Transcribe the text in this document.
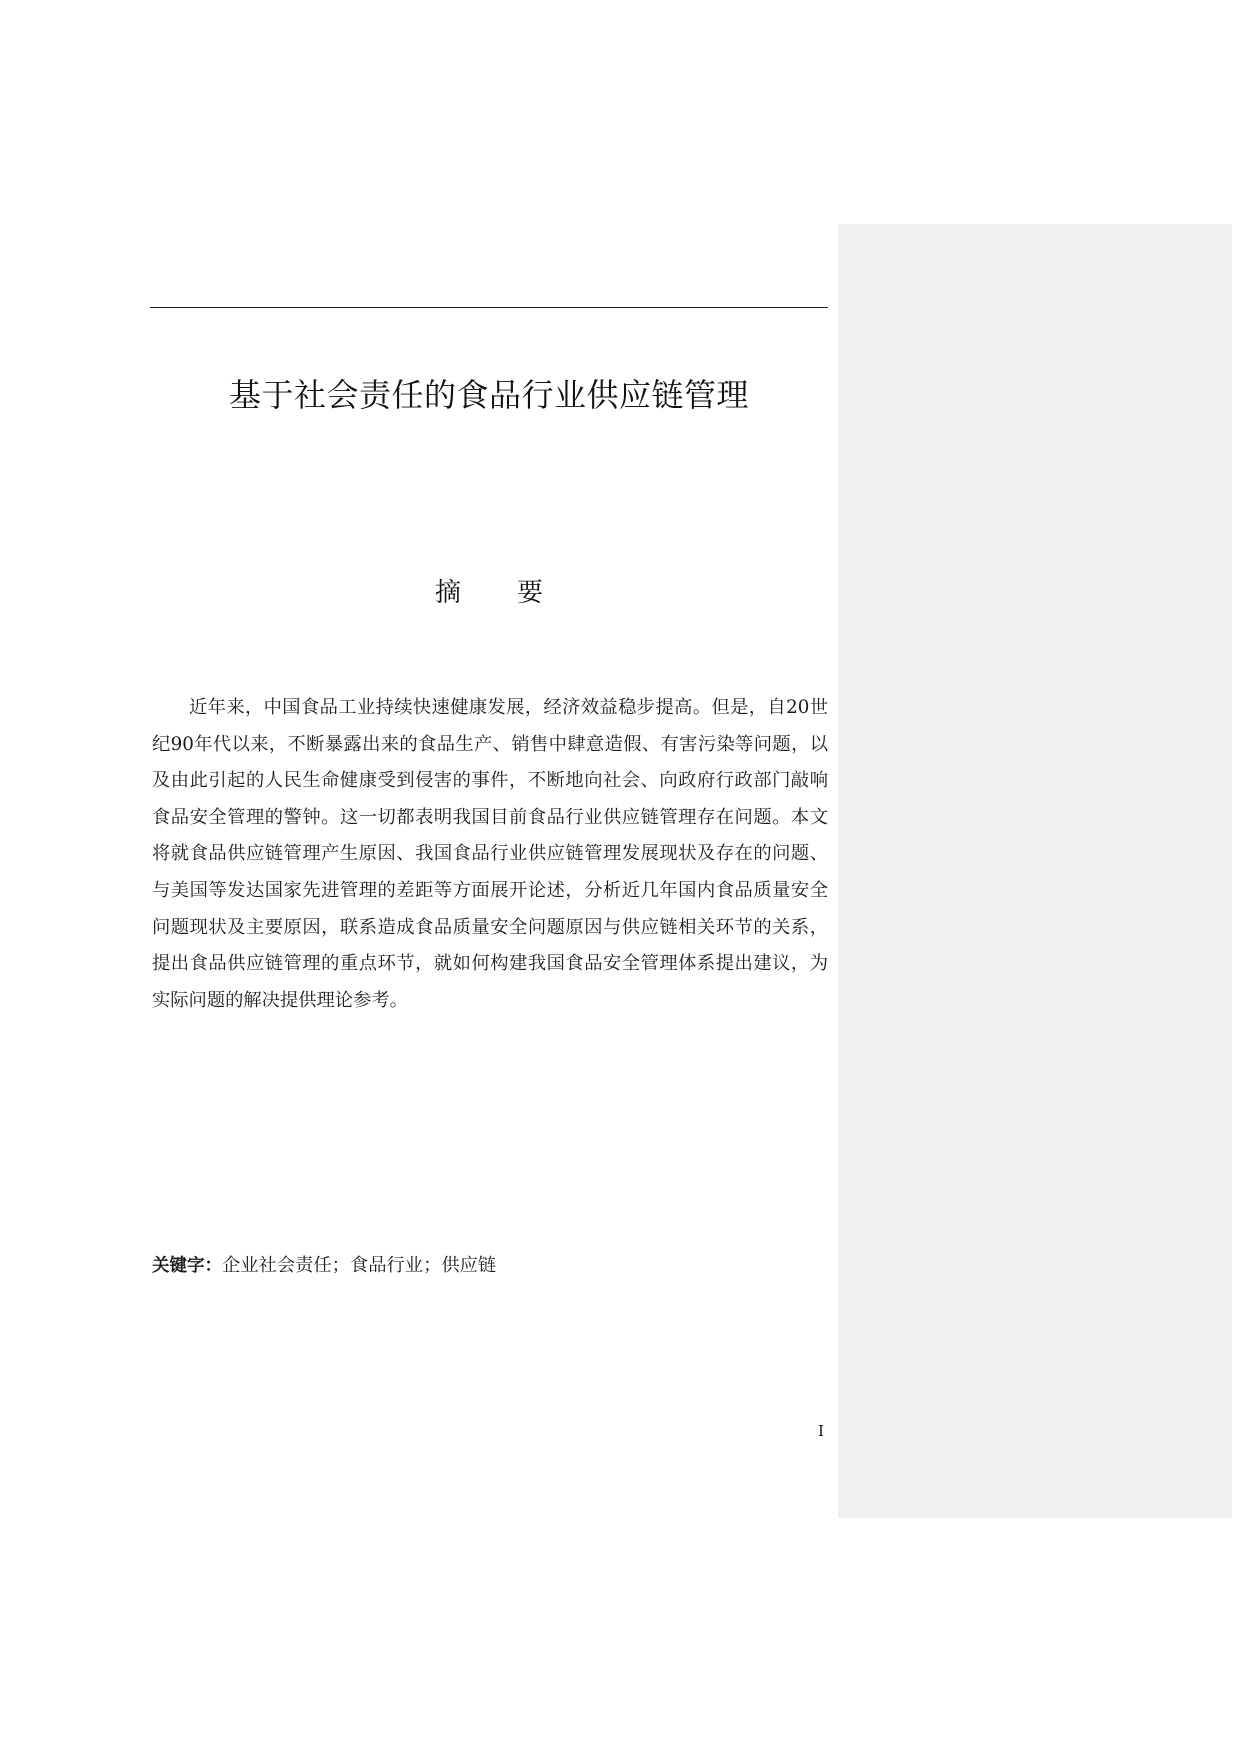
基于社会责任的食品行业供应链管理
摘 要

近年来，中国食品工业持续快速健康发展，经济效益稳步提高。但是，自20世纪90年代以来，不断暴露出来的食品生产、销售中肆意造假、有害污染等问题，以及由此引起的人民生命健康受到侵害的事件，不断地向社会、向政府行政部门敲响食品安全管理的警钟。这一切都表明我国目前食品行业供应链管理存在问题。本文将就食品供应链管理产生原因、我国食品行业供应链管理发展现状及存在的问题、与美国等发达国家先进管理的差距等方面展开论述，分析近几年国内食品质量安全问题现状及主要原因，联系造成食品质量安全问题原因与供应链相关环节的关系，提出食品供应链管理的重点环节，就如何构建我国食品安全管理体系提出建议，为实际问题的解决提供理论参考。

关键字：企业社会责任；食品行业；供应链

I
